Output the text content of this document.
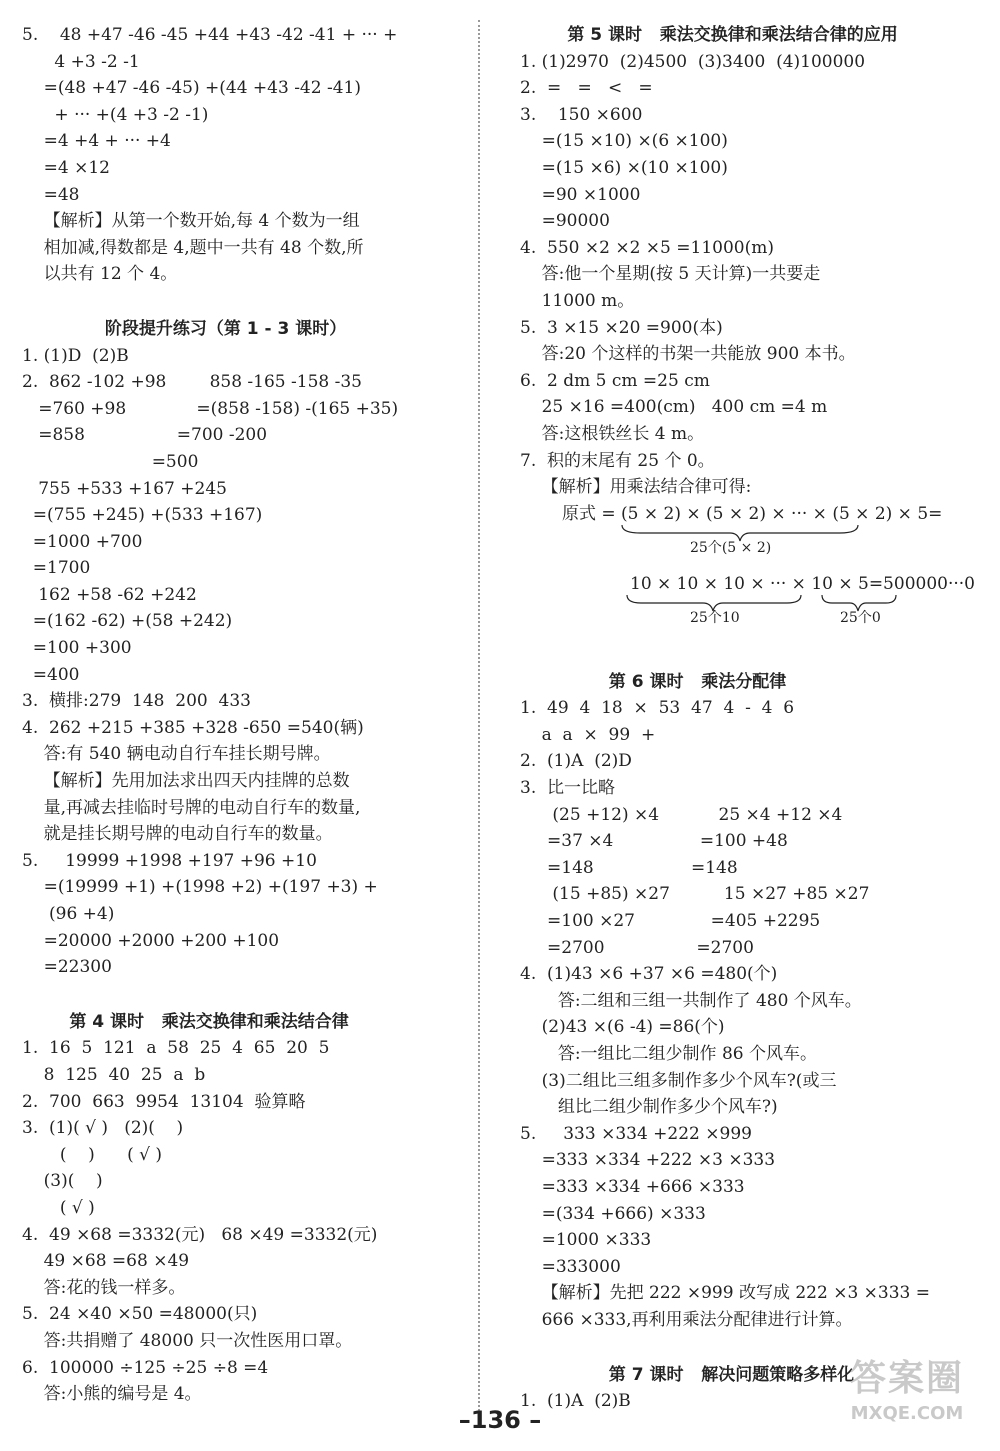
5.    48 +47 -46 -45 +44 +43 -42 -41 + ··· +
4 +3 -2 -1
=(48 +47 -46 -45) +(44 +43 -42 -41)
+ ··· +(4 +3 -2 -1)
=4 +4 + ··· +4
=4 ×12
=48
【解析】从第一个数开始,每 4 个数为一组
相加减,得数都是 4,题中一共有 48 个数,所
以共有 12 个 4。
阶段提升练习（第 1 - 3 课时）
1. (1)D  (2)B
2.  862 -102 +98        858 -165 -158 -35
=760 +98             =(858 -158) -(165 +35)
=858                 =700 -200
=500
755 +533 +167 +245
=(755 +245) +(533 +167)
=1000 +700
=1700
162 +58 -62 +242
=(162 -62) +(58 +242)
=100 +300
=400
3.  横排:279  148  200  433
4.  262 +215 +385 +328 -650 =540(辆)
答:有 540 辆电动自行车挂长期号牌。
【解析】先用加法求出四天内挂牌的总数
量,再减去挂临时号牌的电动自行车的数量,
就是挂长期号牌的电动自行车的数量。
5.     19999 +1998 +197 +96 +10
=(19999 +1) +(1998 +2) +(197 +3) +
(96 +4)
=20000 +2000 +200 +100
=22300
第 4 课时   乘法交换律和乘法结合律
1.  16  5  121  a  58  25  4  65  20  5
8  125  40  25  a  b
2.  700  663  9954  13104  验算略
3.  (1)( √ )   (2)(    )
(    )      ( √ )
(3)(    )
( √ )
4.  49 ×68 =3332(元)   68 ×49 =3332(元)
49 ×68 =68 ×49
答:花的钱一样多。
5.  24 ×40 ×50 =48000(只)
答:共捐赠了 48000 只一次性医用口罩。
6.  100000 ÷125 ÷25 ÷8 =4
答:小熊的编号是 4。
第 5 课时   乘法交换律和乘法结合律的应用
1. (1)2970  (2)4500  (3)3400  (4)100000
2.  =   =   <   =
3.    150 ×600
=(15 ×10) ×(6 ×100)
=(15 ×6) ×(10 ×100)
=90 ×1000
=90000
4.  550 ×2 ×2 ×5 =11000(m)
答:他一个星期(按 5 天计算)一共要走
11000 m。
5.  3 ×15 ×20 =900(本)
答:20 个这样的书架一共能放 900 本书。
6.  2 dm 5 cm =25 cm
25 ×16 =400(cm)   400 cm =4 m
答:这根铁丝长 4 m。
7.  积的末尾有 25 个 0。
【解析】用乘法结合律可得:

原式 = (5 × 2) × (5 × 2) × ··· × (5 × 2) × 5=

25个(5 × 2)

10 × 10 × 10 × ··· × 10 × 5=500000···0

25个10

	25个0

第 6 课时   乘法分配律
1.  49  4  18  ×  53  47  4  -  4  6
a  a  ×  99  +
2.  (1)A  (2)D
3.  比一比略
(25 +12) ×4           25 ×4 +12 ×4
=37 ×4                =100 +48
=148                  =148
(15 +85) ×27          15 ×27 +85 ×27
=100 ×27              =405 +2295
=2700                 =2700
4.  (1)43 ×6 +37 ×6 =480(个)
答:二组和三组一共制作了 480 个风车。
(2)43 ×(6 -4) =86(个)
答:一组比二组少制作 86 个风车。
(3)二组比三组多制作多少个风车?(或三
组比二组少制作多少个风车?)
5.     333 ×334 +222 ×999
=333 ×334 +222 ×3 ×333
=333 ×334 +666 ×333
=(334 +666) ×333
=1000 ×333
=333000
【解析】先把 222 ×999 改写成 222 ×3 ×333 =
666 ×333,再利用乘法分配律进行计算。
第 7 课时   解决问题策略多样化
1.  (1)A  (2)B
–136 –
答案圈
MXQE.COM
